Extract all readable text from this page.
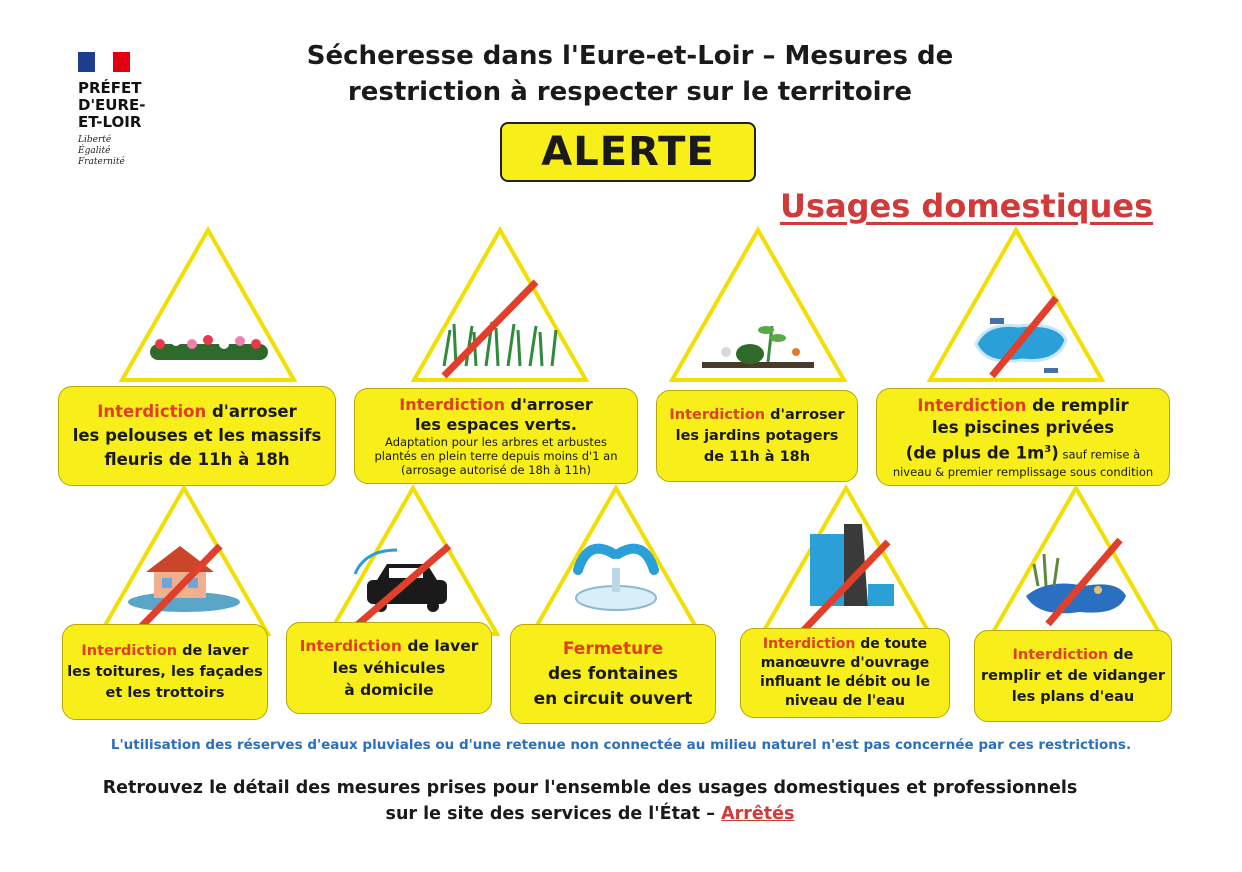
PRÉFET
D'EURE-
ET-LOIR
Liberté
Égalité
Fraternité
Sécheresse dans l'Eure-et-Loir – Mesures de
restriction à respecter sur le territoire
ALERTE
Usages domestiques
Interdiction d'arroser
les pelouses et les massifs
fleuris de 11h à 18h
Interdiction d'arroser
les espaces verts.
Adaptation pour les arbres et arbustes
plantés en plein terre depuis moins d'1 an
(arrosage autorisé de 18h à 11h)
Interdiction d'arroser
les jardins potagers
de 11h à 18h
Interdiction de remplir
les piscines privées
(de plus de $1m^3$) sauf remise à
niveau & premier remplissage sous condition
Interdiction de laver
les toitures, les façades
et les trottoirs
Interdiction de laver
les véhicules
à domicile
Fermeture
des fontaines
en circuit ouvert
Interdiction de toute
manœuvre d'ouvrage
influant le débit ou le
niveau de l'eau
Interdiction de
remplir et de vidanger
les plans d'eau
L'utilisation des réserves d'eaux pluviales ou d'une retenue non connectée au milieu naturel n'est pas concernée par ces restrictions.
Retrouvez le détail des mesures prises pour l'ensemble des usages domestiques et professionnels
sur le site des services de l'État – Arrêtés
